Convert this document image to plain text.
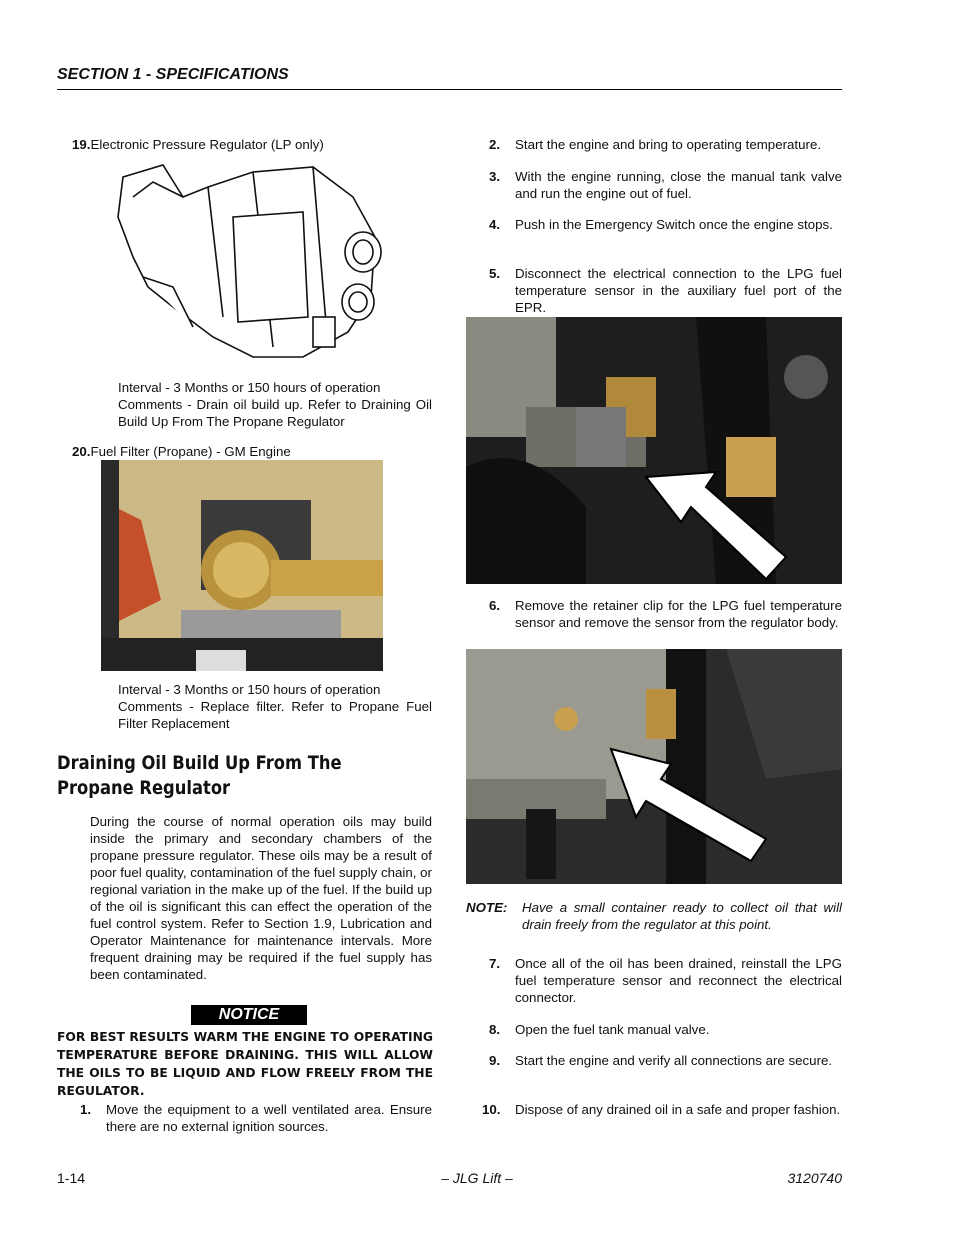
SECTION 1 - SPECIFICATIONS
19.Electronic Pressure Regulator (LP only)
Interval - 3 Months or 150 hours of operation
Comments - Drain oil build up. Refer to Draining Oil Build Up From The Propane Regulator
20.Fuel Filter (Propane) - GM Engine
Interval - 3 Months or 150 hours of operation
Comments - Replace filter. Refer to Propane Fuel Filter Replacement
Draining Oil Build Up From The Propane Regulator
During the course of normal operation oils may build inside the primary and secondary chambers of the propane pressure regulator. These oils may be a result of poor fuel quality, contamination of the fuel supply chain, or regional variation in the make up of the fuel. If the build up of the oil is significant this can effect the operation of the fuel control system. Refer to Section 1.9, Lubrication and Operator Maintenance for maintenance intervals. More frequent draining may be required if the fuel supply has been contaminated.
NOTICE
FOR BEST RESULTS WARM THE ENGINE TO OPERATING TEMPERATURE BEFORE DRAINING. THIS WILL ALLOW THE OILS TO BE LIQUID AND FLOW FREELY FROM THE REGULATOR.
1. Move the equipment to a well ventilated area. Ensure there are no external ignition sources.
2. Start the engine and bring to operating temperature.
3. With the engine running, close the manual tank valve and run the engine out of fuel.
4. Push in the Emergency Switch once the engine stops.
5. Disconnect the electrical connection to the LPG fuel temperature sensor in the auxiliary fuel port of the EPR.
6. Remove the retainer clip for the LPG fuel temperature sensor and remove the sensor from the regulator body.
NOTE: Have a small container ready to collect oil that will drain freely from the regulator at this point.
7. Once all of the oil has been drained, reinstall the LPG fuel temperature sensor and reconnect the electrical connector.
8. Open the fuel tank manual valve.
9. Start the engine and verify all connections are secure.
10. Dispose of any drained oil in a safe and proper fashion.
1-14	– JLG Lift –	3120740
